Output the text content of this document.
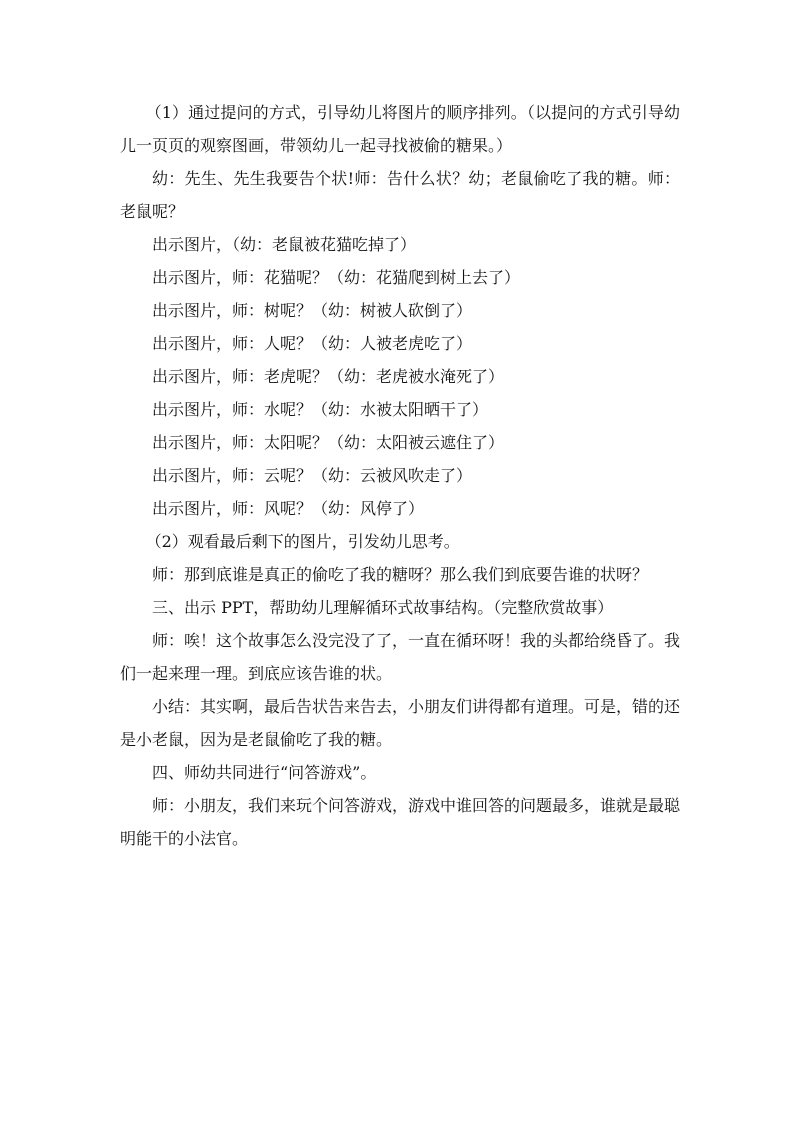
（1）通过提问的方式，引导幼儿将图片的顺序排列。（以提问的方式引导幼儿一页页的观察图画，带领幼儿一起寻找被偷的糖果。）

幼：先生、先生我要告个状!师：告什么状？幼；老鼠偷吃了我的糖。师：老鼠呢？

出示图片，（幼：老鼠被花猫吃掉了）

出示图片，师：花猫呢？（幼：花猫爬到树上去了）

出示图片，师：树呢？（幼：树被人砍倒了）

出示图片，师：人呢？（幼：人被老虎吃了）

出示图片，师：老虎呢？（幼：老虎被水淹死了）

出示图片，师：水呢？（幼：水被太阳晒干了）

出示图片，师：太阳呢？（幼：太阳被云遮住了）

出示图片，师：云呢？（幼：云被风吹走了）

出示图片，师：风呢？（幼：风停了）

（2）观看最后剩下的图片，引发幼儿思考。

师：那到底谁是真正的偷吃了我的糖呀？那么我们到底要告谁的状呀？

三、出示 PPT，帮助幼儿理解循环式故事结构。（完整欣赏故事）

师：唉！这个故事怎么没完没了了，一直在循环呀！我的头都给绕昏了。我们一起来理一理。到底应该告谁的状。

小结：其实啊，最后告状告来告去，小朋友们讲得都有道理。可是，错的还是小老鼠，因为是老鼠偷吃了我的糖。

四、师幼共同进行“问答游戏”。

师：小朋友，我们来玩个问答游戏，游戏中谁回答的问题最多，谁就是最聪明能干的小法官。
